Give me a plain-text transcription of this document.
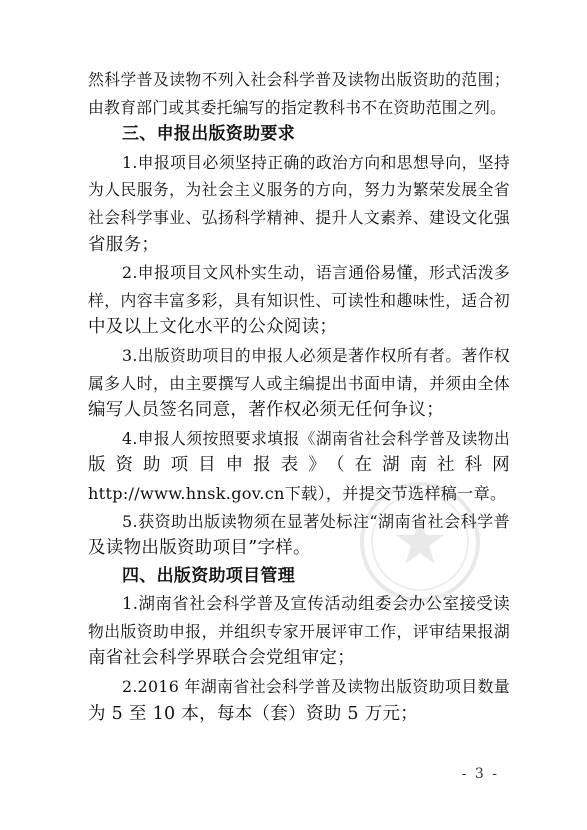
然科学普及读物不列入社会科学普及读物出版资助的范围；
由教育部门或其委托编写的指定教科书不在资助范围之列。
三、申报出版资助要求
1.申报项目必须坚持正确的政治方向和思想导向，坚持
为人民服务，为社会主义服务的方向，努力为繁荣发展全省
社会科学事业、弘扬科学精神、提升人文素养、建设文化强
省服务；
2.申报项目文风朴实生动，语言通俗易懂，形式活泼多
样，内容丰富多彩，具有知识性、可读性和趣味性，适合初
中及以上文化水平的公众阅读；
3.出版资助项目的申报人必须是著作权所有者。著作权
属多人时，由主要撰写人或主编提出书面申请，并须由全体
编写人员签名同意，著作权必须无任何争议；
4.申报人须按照要求填报《湖南省社会科学普及读物出
版资助项目申报表》（在湖南社科网
http://www.hnsk.gov.cn下载），并提交节选样稿一章。
5.获资助出版读物须在显著处标注“湖南省社会科学普
及读物出版资助项目”字样。
四、出版资助项目管理
1.湖南省社会科学普及宣传活动组委会办公室接受读
物出版资助申报，并组织专家开展评审工作，评审结果报湖
南省社会科学界联合会党组审定；
2.2016 年湖南省社会科学普及读物出版资助项目数量
为 5 至 10 本，每本（套）资助 5 万元；
- 3 -
